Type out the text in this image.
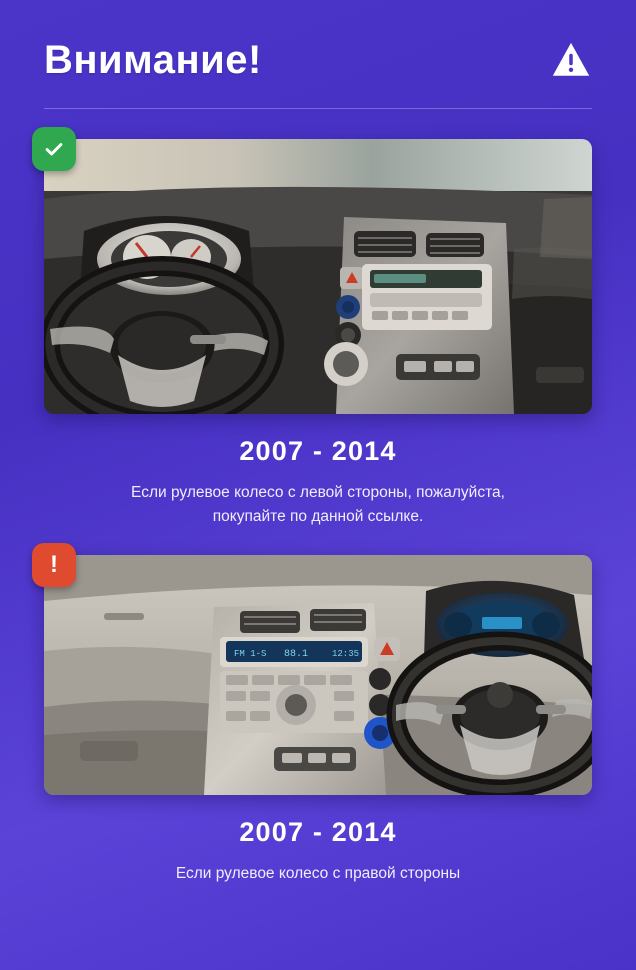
Внимание!
2007 - 2014
Если рулевое колесо с левой стороны, пожалуйста,
покупайте по данной ссылке.
!
FM 1-S 88.1	12:35
2007 - 2014
Если рулевое колесо с правой стороны
